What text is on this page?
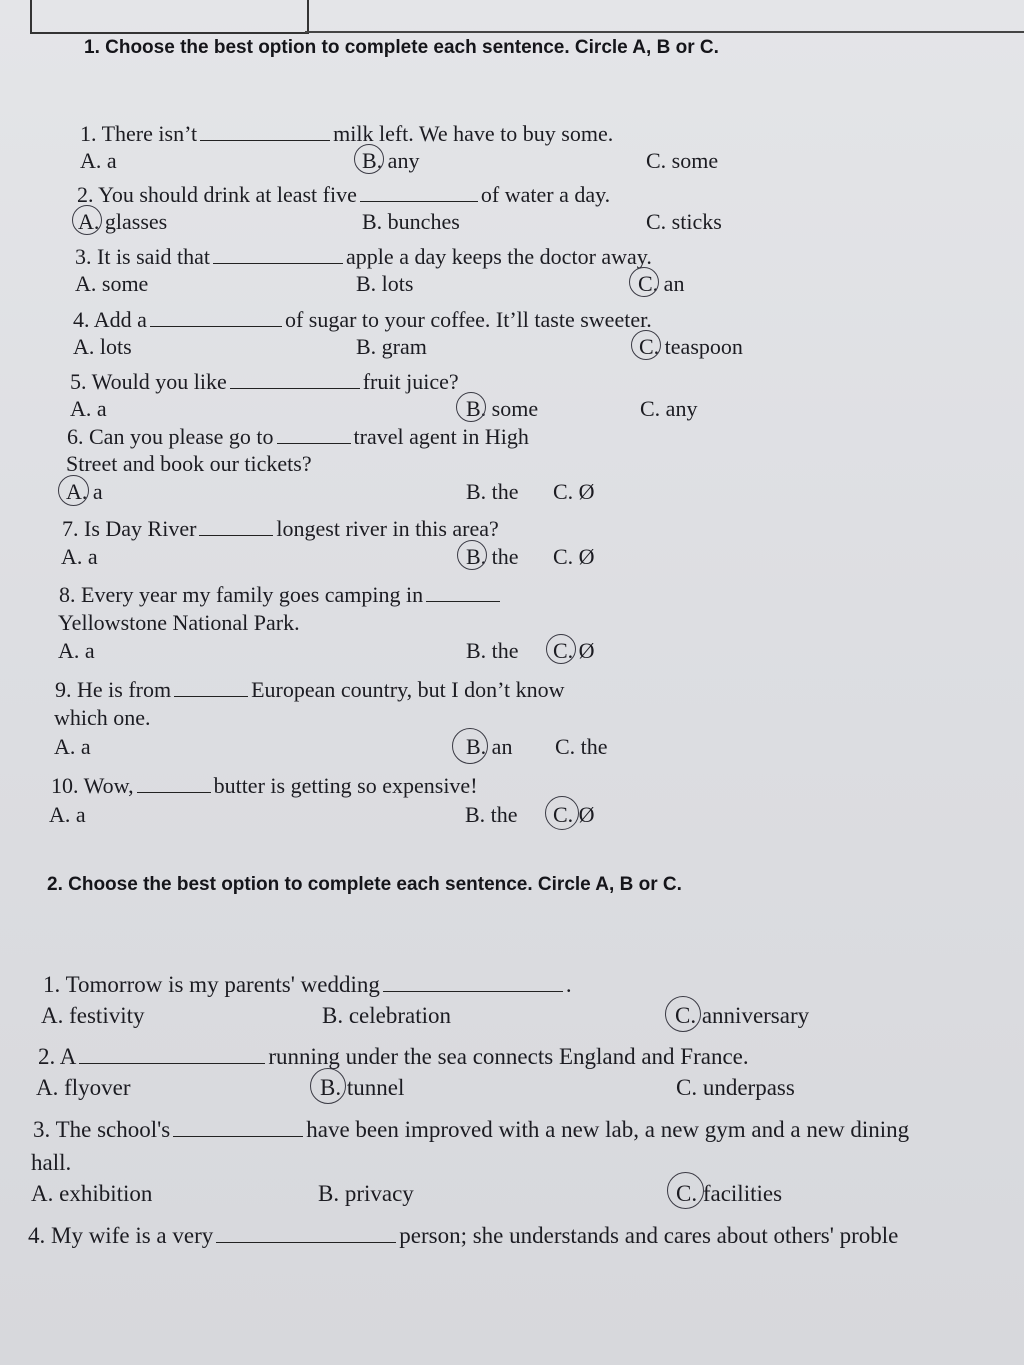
1. Choose the best option to complete each sentence. Circle A, B or C.
1. There isn’t	milk left. We have to buy some.
A. a	B. any	C. some
2. You should drink at least five	of water a day.
A. glasses	B. bunches	C. sticks
3. It is said that	apple a day keeps the doctor away.
A. some	B. lots	C. an
4. Add a	of sugar to your coffee. It’ll taste sweeter.
A. lots	B. gram	C. teaspoon
5. Would you like	fruit juice?
A. a	B. some	C. any
6. Can you please go to	travel agent in High
Street and book our tickets?
A. a	B. the C. Ø
7. Is Day River	longest river in this area?
A. a	B. the C. Ø
8. Every year my family goes camping in
Yellowstone National Park.
A. a	B. the C. Ø
9. He is from	European country, but I don’t know
which one.
A. a	B. an C. the
10. Wow,	butter is getting so expensive!
A. a	B. the C. Ø
2. Choose the best option to complete each sentence. Circle A, B or C.
1. Tomorrow is my parents' wedding	.
A. festivity	B. celebration	C. anniversary
2. A	running under the sea connects England and France.
A. flyover	B. tunnel	C. underpass
3. The school's	have been improved with a new lab, a new gym and a new dining
hall.
A. exhibition	B. privacy	C. facilities
4. My wife is a very	person; she understands and cares about others' proble
